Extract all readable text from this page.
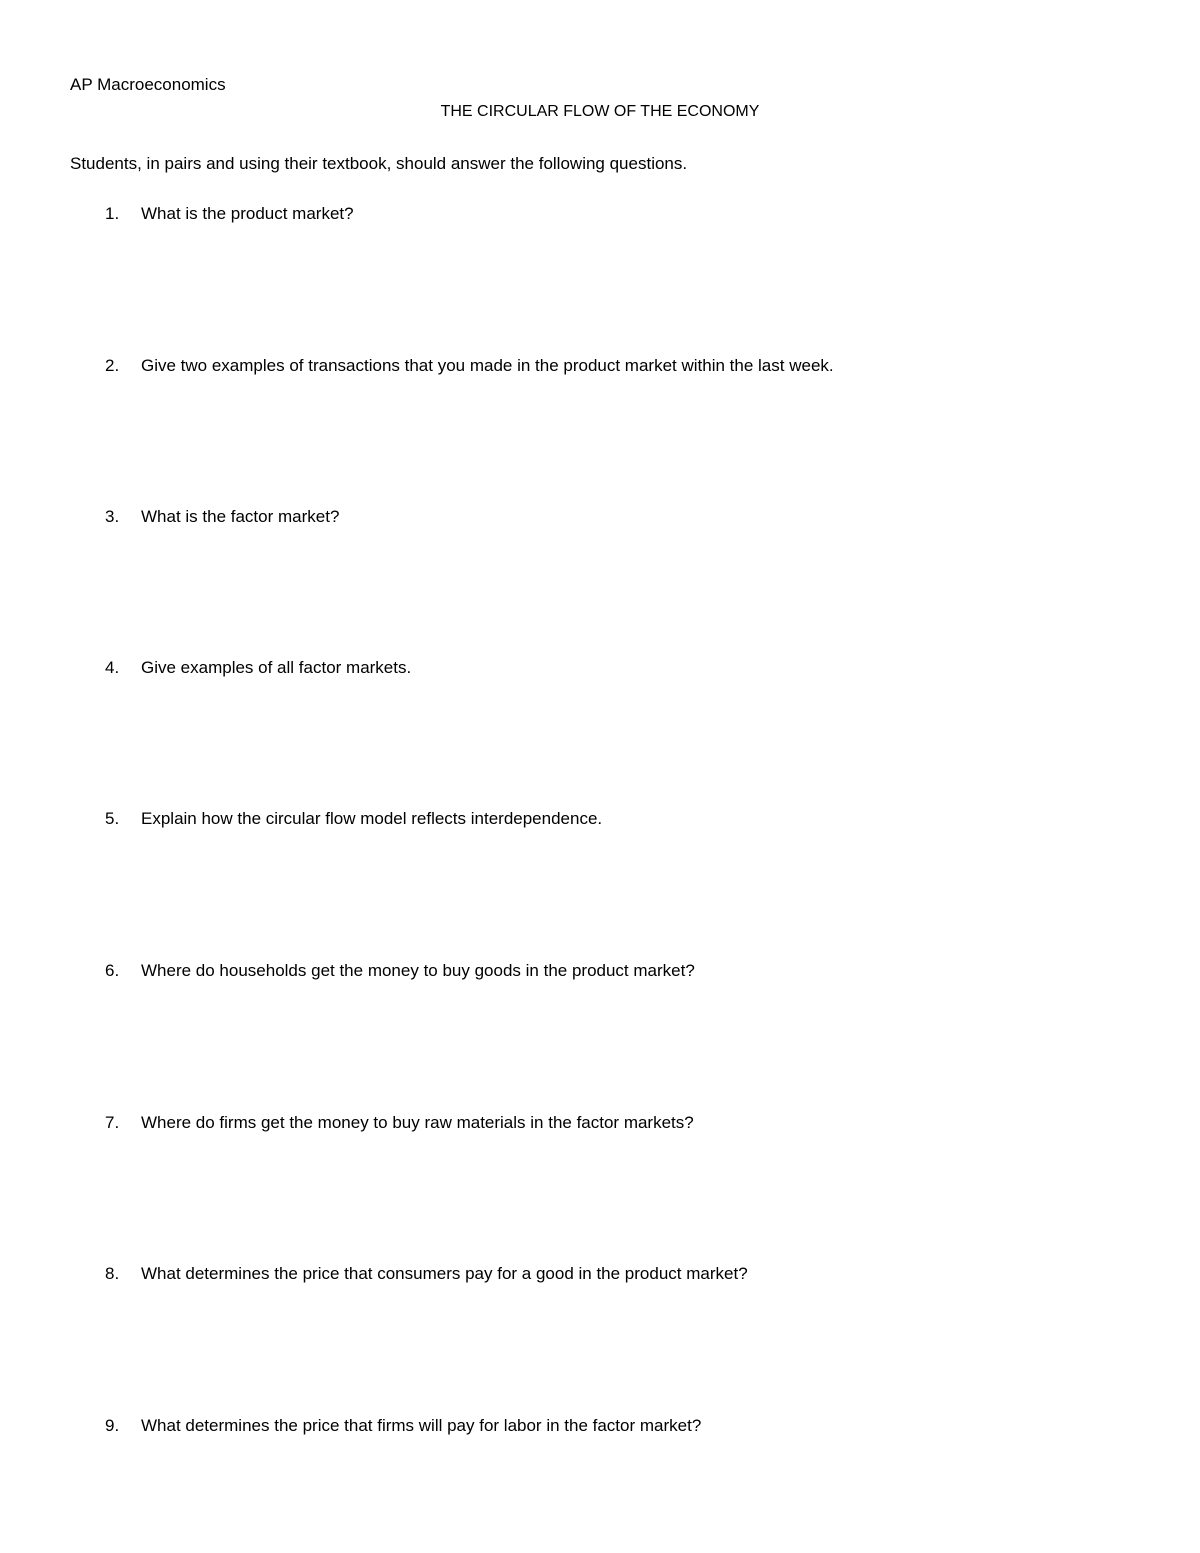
AP Macroeconomics
THE CIRCULAR FLOW OF THE ECONOMY
Students, in pairs and using their textbook, should answer the following questions.
1. What is the product market?
2. Give two examples of transactions that you made in the product market within the last week.
3. What is the factor market?
4. Give examples of all factor markets.
5. Explain how the circular flow model reflects interdependence.
6. Where do households get the money to buy goods in the product market?
7. Where do firms get the money to buy raw materials in the factor markets?
8. What determines the price that consumers pay for a good in the product market?
9. What determines the price that firms will pay for labor in the factor market?
